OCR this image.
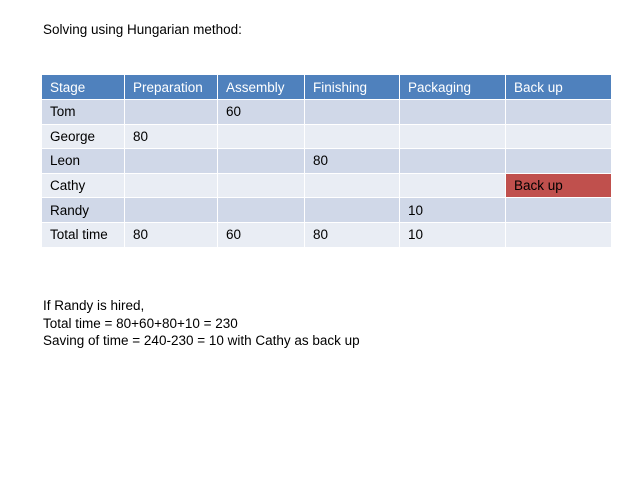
Solving using Hungarian method:
Stage	Preparation	Assembly	Finishing	Packaging	Back up
Tom		60			
George	80				
Leon			80		
Cathy					Back up
Randy				10	
Total time	80	60	80	10	
If Randy is hired,
Total time = 80+60+80+10 = 230
Saving of time = 240-230 = 10 with Cathy as back up
